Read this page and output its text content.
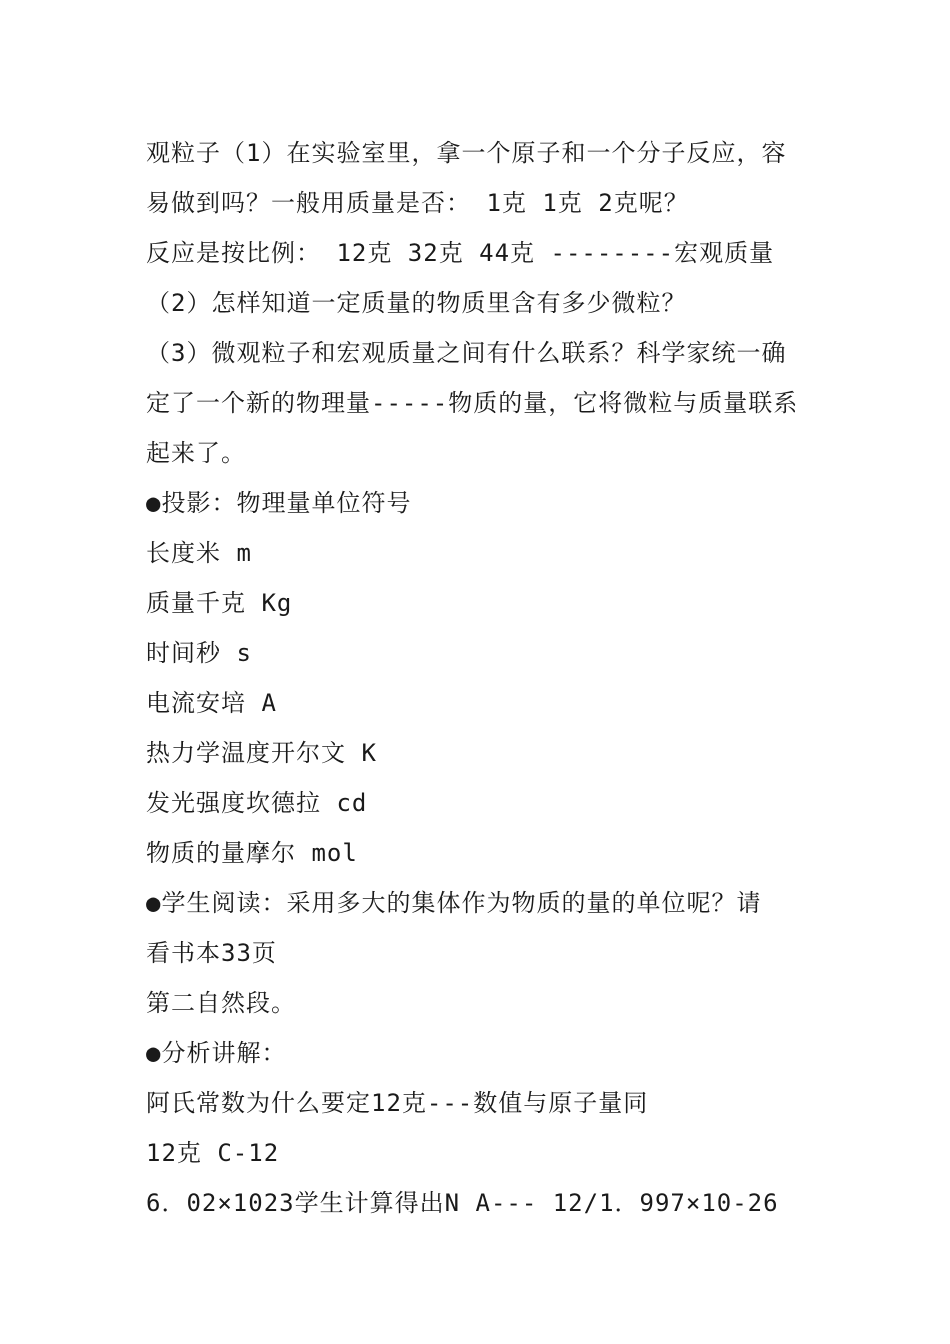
观粒子（1）在实验室里，拿一个原子和一个分子反应，容
易做到吗？一般用质量是否： 1克 1克 2克呢？
反应是按比例： 12克 32克 44克 --------宏观质量
（2）怎样知道一定质量的物质里含有多少微粒？
（3）微观粒子和宏观质量之间有什么联系？科学家统一确
定了一个新的物理量-----物质的量，它将微粒与质量联系
起来了。
●投影：物理量单位符号
长度米 m
质量千克 Kg
时间秒 s
电流安培 A
热力学温度开尔文 K
发光强度坎德拉 cd
物质的量摩尔 mol
●学生阅读：采用多大的集体作为物质的量的单位呢？请
看书本33页
第二自然段。
●分析讲解：
阿氏常数为什么要定12克---数值与原子量同
12克 C-12
6．02×1023学生计算得出N A--- 12/1．997×10-26
